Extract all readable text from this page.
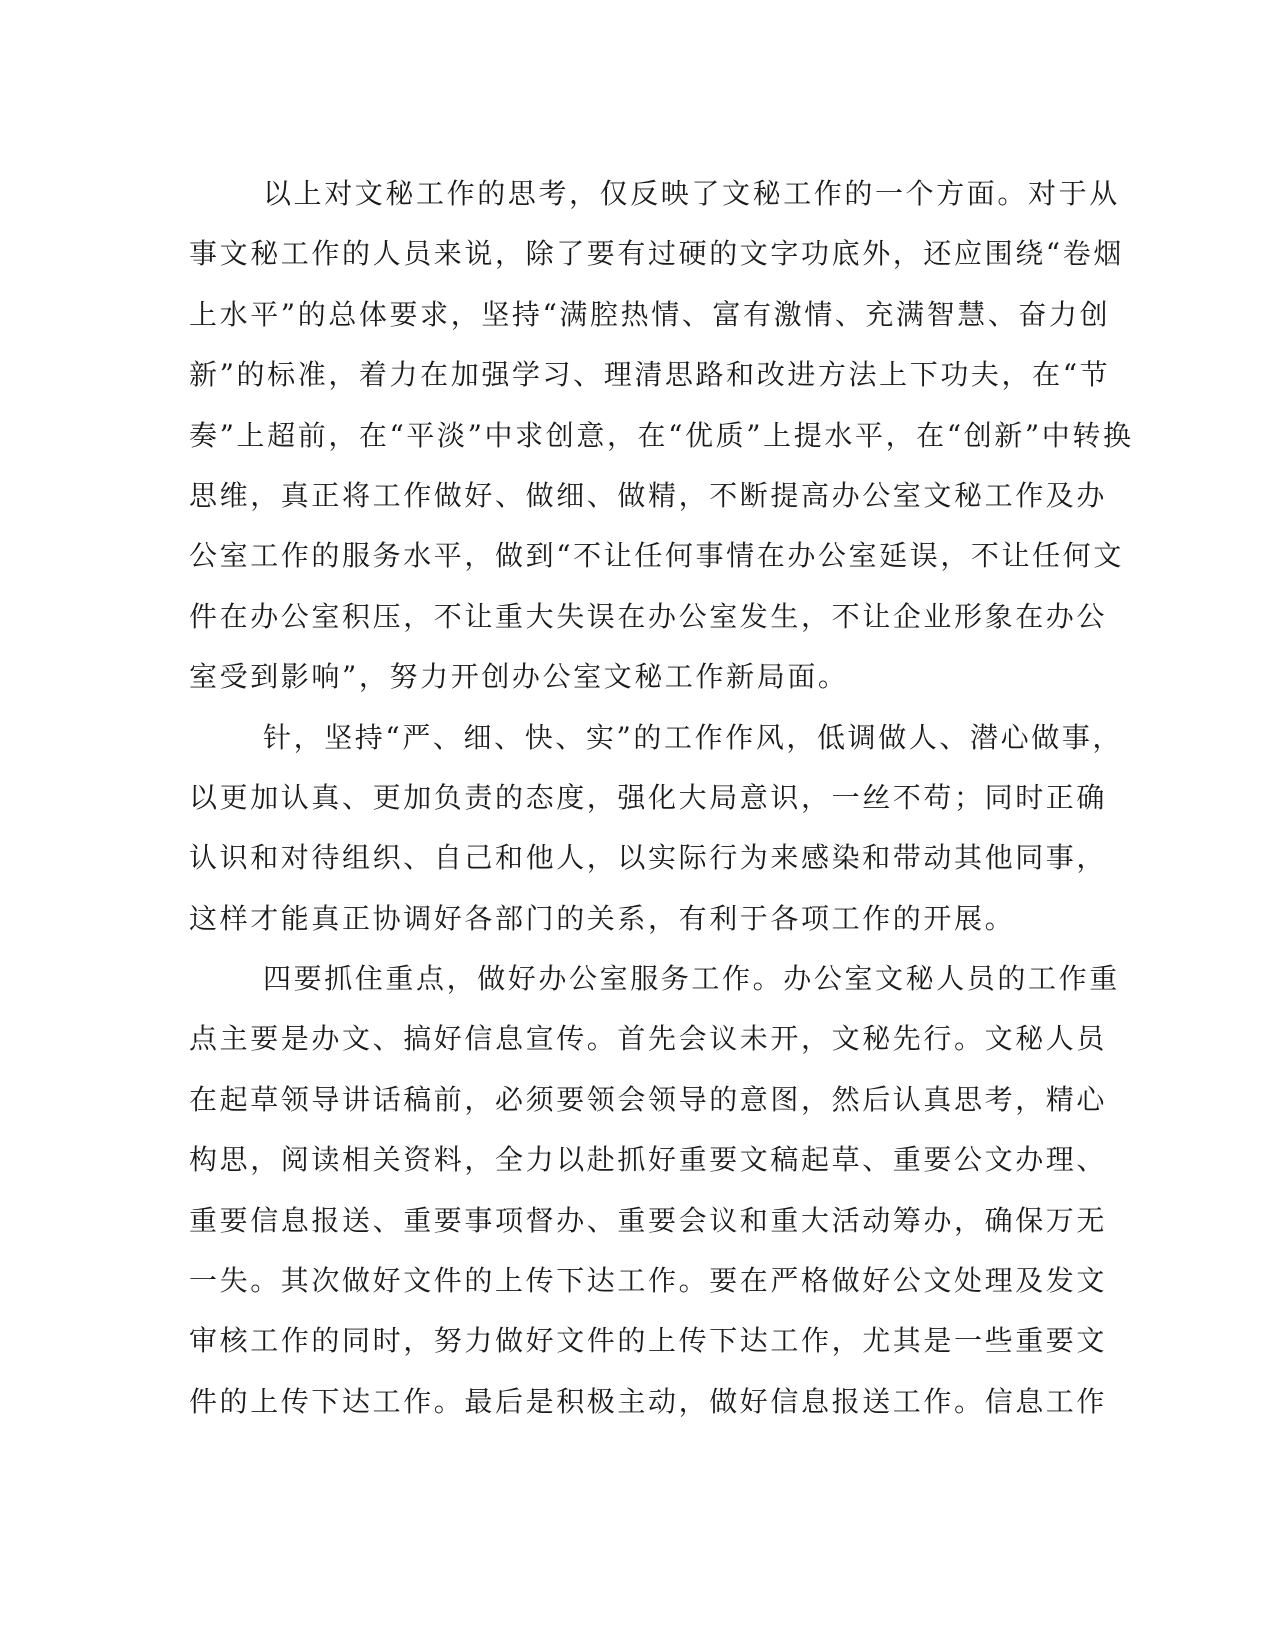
以上对文秘工作的思考，仅反映了文秘工作的一个方面。对于从
事文秘工作的人员来说，除了要有过硬的文字功底外，还应围绕“卷烟
上水平”的总体要求，坚持“满腔热情、富有激情、充满智慧、奋力创
新”的标准，着力在加强学习、理清思路和改进方法上下功夫，在“节
奏”上超前，在“平淡”中求创意，在“优质”上提水平，在“创新”中转换
思维，真正将工作做好、做细、做精，不断提高办公室文秘工作及办
公室工作的服务水平，做到“不让任何事情在办公室延误，不让任何文
件在办公室积压，不让重大失误在办公室发生，不让企业形象在办公
室受到影响”，努力开创办公室文秘工作新局面。
针，坚持“严、细、快、实”的工作作风，低调做人、潜心做事，
以更加认真、更加负责的态度，强化大局意识，一丝不苟；同时正确
认识和对待组织、自己和他人，以实际行为来感染和带动其他同事，
这样才能真正协调好各部门的关系，有利于各项工作的开展。
四要抓住重点，做好办公室服务工作。办公室文秘人员的工作重
点主要是办文、搞好信息宣传。首先会议未开，文秘先行。文秘人员
在起草领导讲话稿前，必须要领会领导的意图，然后认真思考，精心
构思，阅读相关资料，全力以赴抓好重要文稿起草、重要公文办理、
重要信息报送、重要事项督办、重要会议和重大活动筹办，确保万无
一失。其次做好文件的上传下达工作。要在严格做好公文处理及发文
审核工作的同时，努力做好文件的上传下达工作，尤其是一些重要文
件的上传下达工作。最后是积极主动，做好信息报送工作。信息工作
